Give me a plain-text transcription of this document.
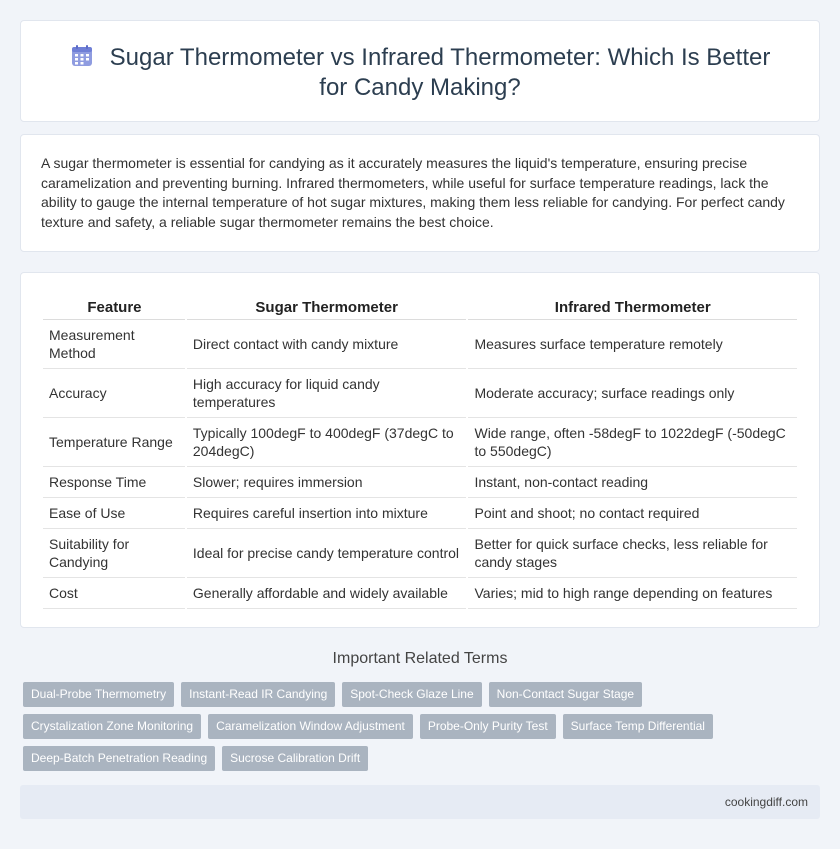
Sugar Thermometer vs Infrared Thermometer: Which Is Better for Candy Making?

A sugar thermometer is essential for candying as it accurately measures the liquid's temperature, ensuring precise caramelization and preventing burning. Infrared thermometers, while useful for surface temperature readings, lack the ability to gauge the internal temperature of hot sugar mixtures, making them less reliable for candying. For perfect candy texture and safety, a reliable sugar thermometer remains the best choice.

Feature	Sugar Thermometer	Infrared Thermometer
Measurement Method	Direct contact with candy mixture	Measures surface temperature remotely
Accuracy	High accuracy for liquid candy temperatures	Moderate accuracy; surface readings only
Temperature Range	Typically 100degF to 400degF (37degC to 204degC)	Wide range, often -58degF to 1022degF (-50degC to 550degC)
Response Time	Slower; requires immersion	Instant, non-contact reading
Ease of Use	Requires careful insertion into mixture	Point and shoot; no contact required
Suitability for Candying	Ideal for precise candy temperature control	Better for quick surface checks, less reliable for candy stages
Cost	Generally affordable and widely available	Varies; mid to high range depending on features
Important Related Terms
Dual-Probe Thermometry	Instant-Read IR Candying	Spot-Check Glaze Line	Non-Contact Sugar Stage
Crystalization Zone Monitoring	Caramelization Window Adjustment	Probe-Only Purity Test	Surface Temp Differential
Deep-Batch Penetration Reading	Sucrose Calibration Drift
cookingdiff.com
